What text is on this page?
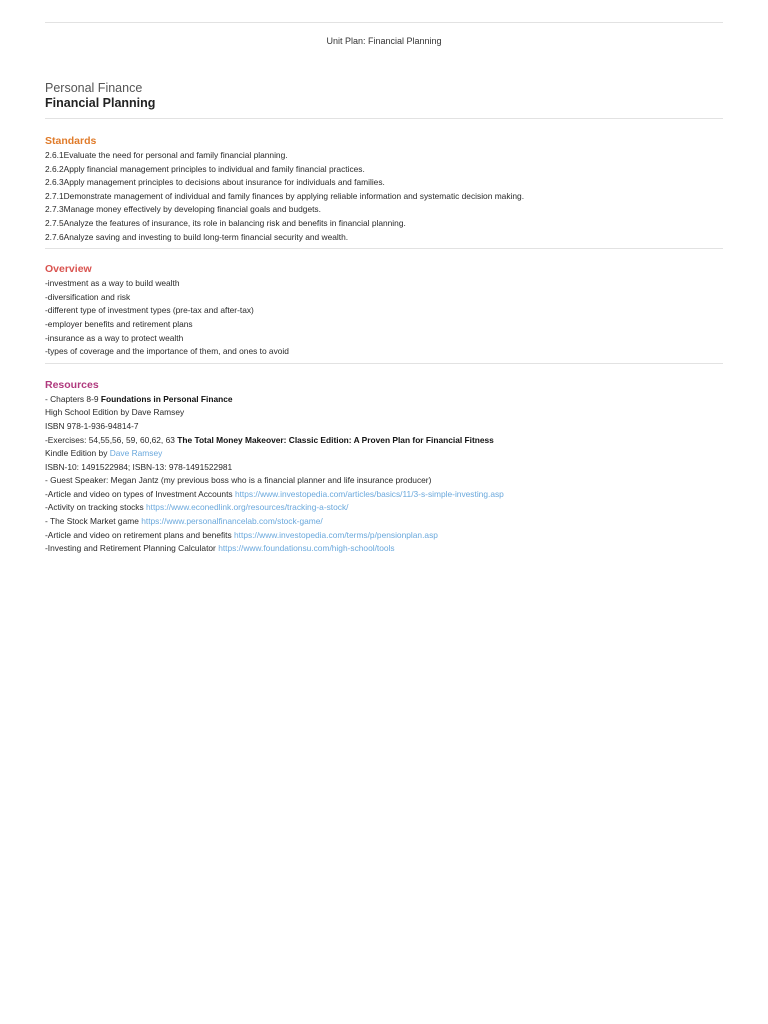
Unit Plan: Financial Planning
Personal Finance
Financial Planning
Standards
2.6.1Evaluate the need for personal and family financial planning.
2.6.2Apply financial management principles to individual and family financial practices.
2.6.3Apply management principles to decisions about insurance for individuals and families.
2.7.1Demonstrate management of individual and family finances by applying reliable information and systematic decision making.
2.7.3Manage money effectively by developing financial goals and budgets.
2.7.5Analyze the features of insurance, its role in balancing risk and benefits in financial planning.
2.7.6Analyze saving and investing to build long-term financial security and wealth.
Overview
-investment as a way to build wealth
-diversification and risk
-different type of investment types (pre-tax and after-tax)
-employer benefits and retirement plans
-insurance as a way to protect wealth
-types of coverage and the importance of them, and ones to avoid
Resources
- Chapters 8-9 Foundations in Personal Finance
High School Edition by Dave Ramsey
ISBN 978-1-936-94814-7
-Exercises: 54,55,56, 59, 60,62, 63 The Total Money Makeover: Classic Edition: A Proven Plan for Financial Fitness
Kindle Edition by Dave Ramsey
ISBN-10: 1491522984; ISBN-13: 978-1491522981
- Guest Speaker: Megan Jantz (my previous boss who is a financial planner and life insurance producer)
-Article and video on types of Investment Accounts https://www.investopedia.com/articles/basics/11/3-s-simple-investing.asp
-Activity on tracking stocks https://www.econedlink.org/resources/tracking-a-stock/
- The Stock Market game https://www.personalfinancelab.com/stock-game/
-Article and video on retirement plans and benefits https://www.investopedia.com/terms/p/pensionplan.asp
-Investing and Retirement Planning Calculator https://www.foundationsu.com/high-school/tools
